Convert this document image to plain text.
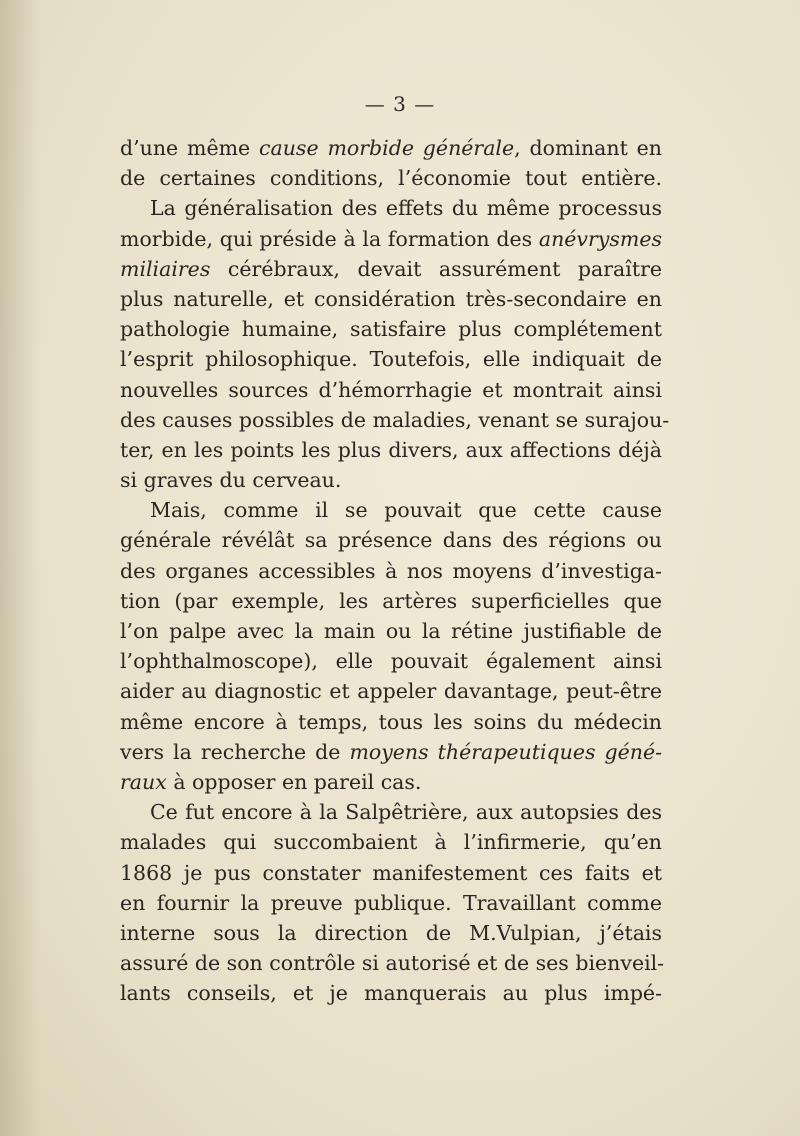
— 3 —
d’une même cause morbide générale, dominant en
de certaines conditions, l’économie tout entière.
La généralisation des effets du même processus
morbide, qui préside à la formation des anévrysmes
miliaires cérébraux, devait assurément paraître
plus naturelle, et considération très-secondaire en
pathologie humaine, satisfaire plus complétement
l’esprit philosophique. Toutefois, elle indiquait de
nouvelles sources d’hémorrhagie et montrait ainsi
des causes possibles de maladies, venant se surajou-
ter, en les points les plus divers, aux affections déjà
si graves du cerveau.
Mais, comme il se pouvait que cette cause
générale révélât sa présence dans des régions ou
des organes accessibles à nos moyens d’investiga-
tion (par exemple, les artères superficielles que
l’on palpe avec la main ou la rétine justifiable de
l’ophthalmoscope), elle pouvait également ainsi
aider au diagnostic et appeler davantage, peut-être
même encore à temps, tous les soins du médecin
vers la recherche de moyens thérapeutiques géné-
raux à opposer en pareil cas.
Ce fut encore à la Salpêtrière, aux autopsies des
malades qui succombaient à l’infirmerie, qu’en
1868 je pus constater manifestement ces faits et
en fournir la preuve publique. Travaillant comme
interne sous la direction de M.Vulpian, j’étais
assuré de son contrôle si autorisé et de ses bienveil-
lants conseils, et je manquerais au plus impé-
